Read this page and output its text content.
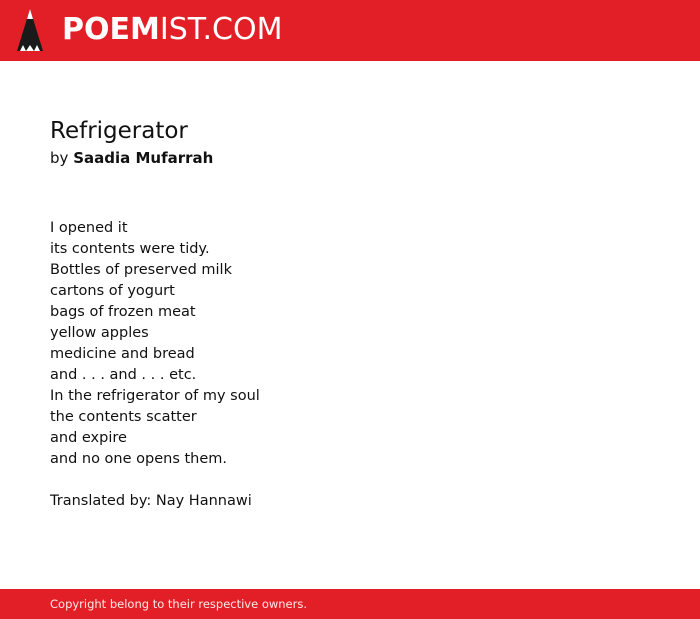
POEMIST.COM
Refrigerator
by Saadia Mufarrah
I opened it
its contents were tidy.
Bottles of preserved milk
cartons of yogurt
bags of frozen meat
yellow apples
medicine and bread
and . . . and . . . etc.
In the refrigerator of my soul
the contents scatter
and expire
and no one opens them.
Translated by: Nay Hannawi
Copyright belong to their respective owners.
